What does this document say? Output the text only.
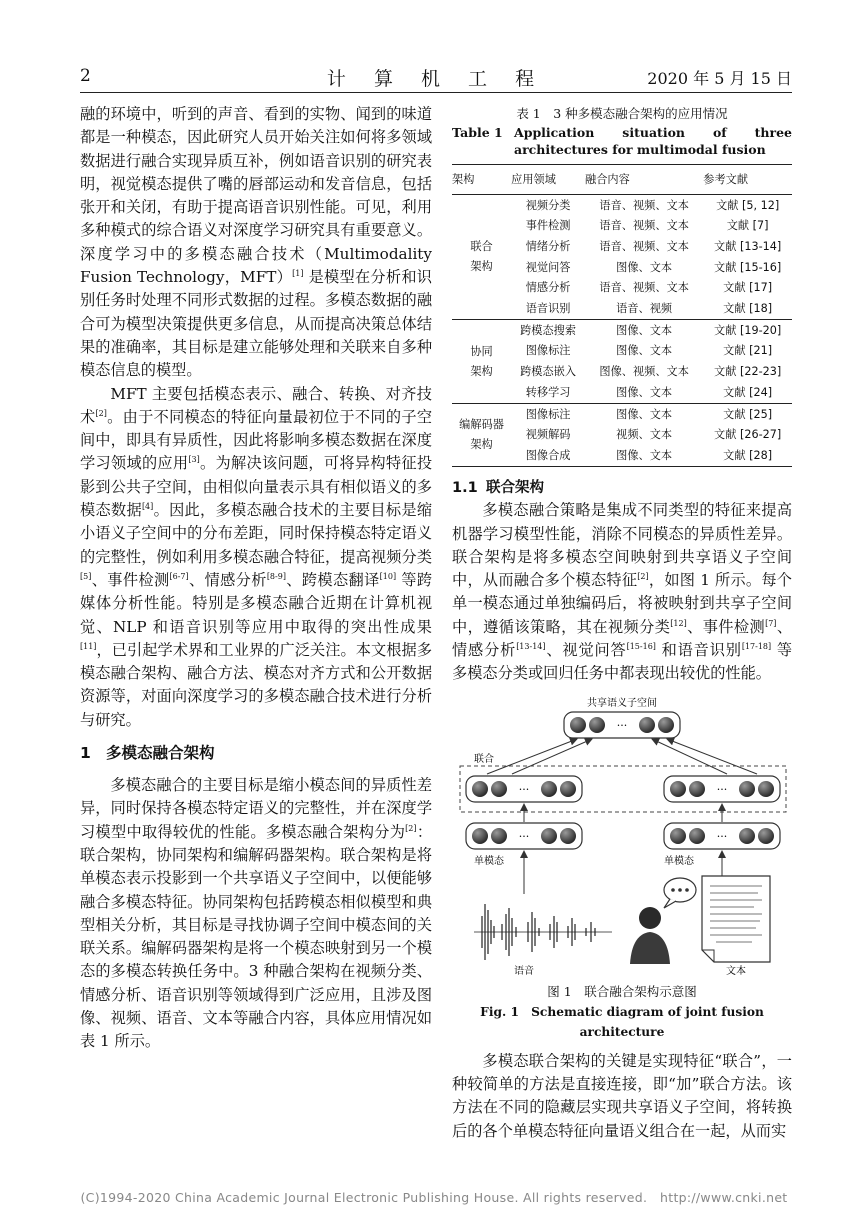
2	计 算 机 工 程	2020 年 5 月 15 日

融的环境中，听到的声音、看到的实物、闻到的味道都是一种模态，因此研究人员开始关注如何将多领域数据进行融合实现异质互补，例如语音识别的研究表明，视觉模态提供了嘴的唇部运动和发音信息，包括张开和关闭，有助于提高语音识别性能。可见，利用多种模式的综合语义对深度学习研究具有重要意义。深度学习中的多模态融合技术（Multimodality Fusion Technology，MFT）[1] 是模型在分析和识别任务时处理不同形式数据的过程。多模态数据的融合可为模型决策提供更多信息，从而提高决策总体结果的准确率，其目标是建立能够处理和关联来自多种模态信息的模型。

MFT 主要包括模态表示、融合、转换、对齐技术[2]。由于不同模态的特征向量最初位于不同的子空间中，即具有异质性，因此将影响多模态数据在深度学习领域的应用[3]。为解决该问题，可将异构特征投影到公共子空间，由相似向量表示具有相似语义的多模态数据[4]。因此，多模态融合技术的主要目标是缩小语义子空间中的分布差距，同时保持模态特定语义的完整性，例如利用多模态融合特征，提高视频分类[5]、事件检测[6-7]、情感分析[8-9]、跨模态翻译[10] 等跨媒体分析性能。特别是多模态融合近期在计算机视觉、NLP 和语音识别等应用中取得的突出性成果[11]，已引起学术界和工业界的广泛关注。本文根据多模态融合架构、融合方法、模态对齐方式和公开数据资源等，对面向深度学习的多模态融合技术进行分析与研究。

1 多模态融合架构

多模态融合的主要目标是缩小模态间的异质性差异，同时保持各模态特定语义的完整性，并在深度学习模型中取得较优的性能。多模态融合架构分为[2]：联合架构，协同架构和编解码器架构。联合架构是将单模态表示投影到一个共享语义子空间中，以便能够融合多模态特征。协同架构包括跨模态相似模型和典型相关分析，其目标是寻找协调子空间中模态间的关联关系。编解码器架构是将一个模态映射到另一个模态的多模态转换任务中。3 种融合架构在视频分类、情感分析、语音识别等领域得到广泛应用，且涉及图像、视频、语音、文本等融合内容，具体应用情况如表 1 所示。

表 1　3 种多模态融合架构的应用情况
Table 1 Application situation of three architectures for multimodal fusion
架构	应用领域	融合内容	参考文献
联合
架构	视频分类	语音、视频、文本	文献 [5, 12]
	事件检测	语音、视频、文本	文献 [7]
	情绪分析	语音、视频、文本	文献 [13-14]
	视觉问答	图像、文本	文献 [15-16]
	情感分析	语音、视频、文本	文献 [17]
	语音识别	语音、视频	文献 [18]
协同
架构	跨模态搜索	图像、文本	文献 [19-20]
	图像标注	图像、文本	文献 [21]
	跨模态嵌入	图像、视频、文本	文献 [22-23]
	转移学习	图像、文本	文献 [24]
编解码器
架构	图像标注	图像、文本	文献 [25]
	视频解码	视频、文本	文献 [26-27]
	图像合成	图像、文本	文献 [28]
1.1 联合架构

多模态融合策略是集成不同类型的特征来提高机器学习模型性能，消除不同模态的异质性差异。联合架构是将多模态空间映射到共享语义子空间中，从而融合多个模态特征[2]，如图 1 所示。每个单一模态通过单独编码后，将被映射到共享子空间中，遵循该策略，其在视频分类[12]、事件检测[7]、情感分析[13-14]、视觉问答[15-16] 和语音识别[17-18] 等多模态分类或回归任务中都表现出较优的性能。

共享语义子空间
···
联合
···	···
···	···
单模态	单模态
语音	文本
图 1　联合融合架构示意图
Fig. 1　Schematic diagram of joint fusion architecture

多模态联合架构的关键是实现特征“联合”，一种较简单的方法是直接连接，即“加”联合方法。该方法在不同的隐藏层实现共享语义子空间，将转换后的各个单模态特征向量语义组合在一起，从而实

(C)1994-2020 China Academic Journal Electronic Publishing House. All rights reserved.　http://www.cnki.net
